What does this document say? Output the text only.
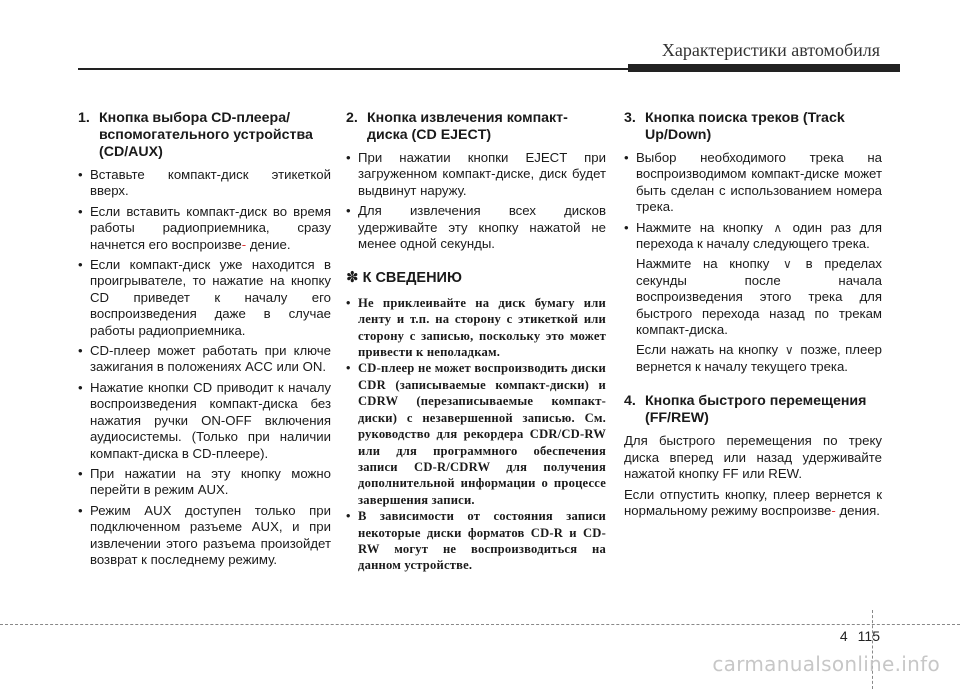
Характеристики автомобиля
1. Кнопка выбора CD-плеера/ вспомогательного устройства (CD/AUX)
• Вставьте компакт-диск этикеткой вверх.
• Если вставить компакт-диск во время работы радиоприемника, сразу начнется его воспроизве- дение.
• Если компакт-диск уже находится в проигрывателе, то нажатие на кнопку CD приведет к началу его воспроизведения даже в случае работы радиоприемника.
• CD-плеер может работать при ключе зажигания в положениях ACC или ON.
• Нажатие кнопки CD приводит к началу воспроизведения компакт-диска без нажатия ручки ON-OFF включения аудиосистемы. (Только при наличии компакт-диска в CD-плеере).
• При нажатии на эту кнопку можно перейти в режим AUX.
• Режим AUX доступен только при подключенном разъеме AUX, и при извлечении этого разъема произойдет возврат к последнему режиму.
2. Кнопка извлечения компакт-диска (CD EJECT)
• При нажатии кнопки EJECT при загруженном компакт-диске, диск будет выдвинут наружу.
• Для извлечения всех дисков удерживайте эту кнопку нажатой не менее одной секунды.
✽ К СВЕДЕНИЮ
• Не приклеивайте на диск бумагу или ленту и т.п. на сторону с этикеткой или сторону с записью, поскольку это может привести к неполадкам.
• CD-плеер не может воспроизводить диски CDR (записываемые компакт-диски) и CDRW (перезаписываемые компакт-диски) с незавершенной записью. См. руководство для рекордера CDR/CD-RW или для программного обеспечения записи CD-R/CDRW для получения дополнительной информации о процессе завершения записи.
• В зависимости от состояния записи некоторые диски форматов CD-R и CD-RW могут не воспроизводиться на данном устройстве.
3. Кнопка поиска треков (Track Up/Down)
• Выбор необходимого трека на воспроизводимом компакт-диске может быть сделан с использованием номера трека.
• Нажмите на кнопку ∧ один раз для перехода к началу следующего трека.
Нажмите на кнопку ∨ в пределах секунды после начала воспроизведения этого трека для быстрого перехода назад по трекам компакт-диска.
Если нажать на кнопку ∨ позже, плеер вернется к началу текущего трека.
4. Кнопка быстрого перемещения (FF/REW)
Для быстрого перемещения по треку диска вперед или назад удерживайте нажатой кнопку FF или REW.
Если отпустить кнопку, плеер вернется к нормальному режиму воспроизве- дения.
4 115
carmanualsonline.info
